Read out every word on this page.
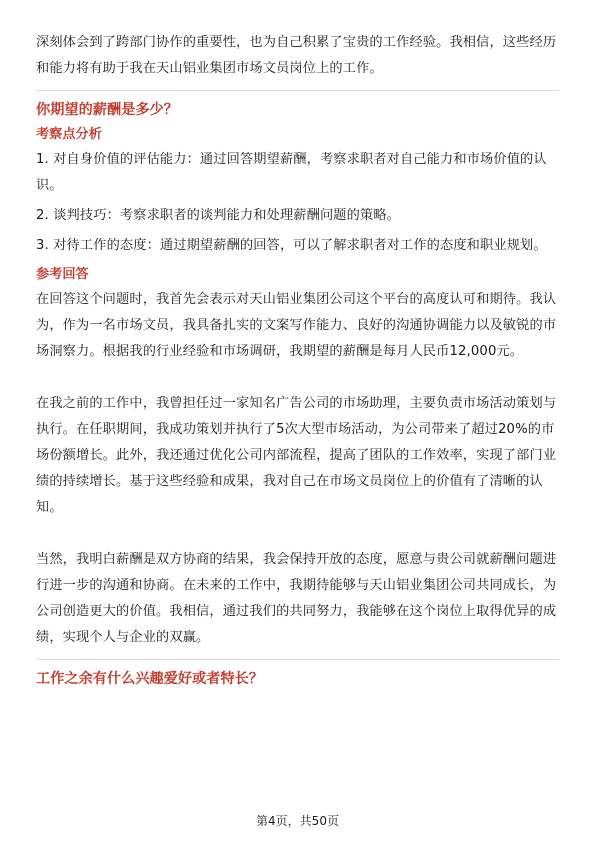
深刻体会到了跨部门协作的重要性，也为自己积累了宝贵的工作经验。我相信，这些经历和能力将有助于我在天山铝业集团市场文员岗位上的工作。

你期望的薪酬是多少？
考察点分析

1. 对自身价值的评估能力：通过回答期望薪酬，考察求职者对自己能力和市场价值的认识。

2. 谈判技巧：考察求职者的谈判能力和处理薪酬问题的策略。

3. 对待工作的态度：通过期望薪酬的回答，可以了解求职者对工作的态度和职业规划。

参考回答

在回答这个问题时，我首先会表示对天山铝业集团公司这个平台的高度认可和期待。我认为，作为一名市场文员，我具备扎实的文案写作能力、良好的沟通协调能力以及敏锐的市场洞察力。根据我的行业经验和市场调研，我期望的薪酬是每月人民币12,000元。

在我之前的工作中，我曾担任过一家知名广告公司的市场助理，主要负责市场活动策划与执行。在任职期间，我成功策划并执行了5次大型市场活动，为公司带来了超过20%的市场份额增长。此外，我还通过优化公司内部流程，提高了团队的工作效率，实现了部门业绩的持续增长。基于这些经验和成果，我对自己在市场文员岗位上的价值有了清晰的认知。

当然，我明白薪酬是双方协商的结果，我会保持开放的态度，愿意与贵公司就薪酬问题进行进一步的沟通和协商。在未来的工作中，我期待能够与天山铝业集团公司共同成长，为公司创造更大的价值。我相信，通过我们的共同努力，我能够在这个岗位上取得优异的成绩，实现个人与企业的双赢。

工作之余有什么兴趣爱好或者特长？
第4页，共50页
